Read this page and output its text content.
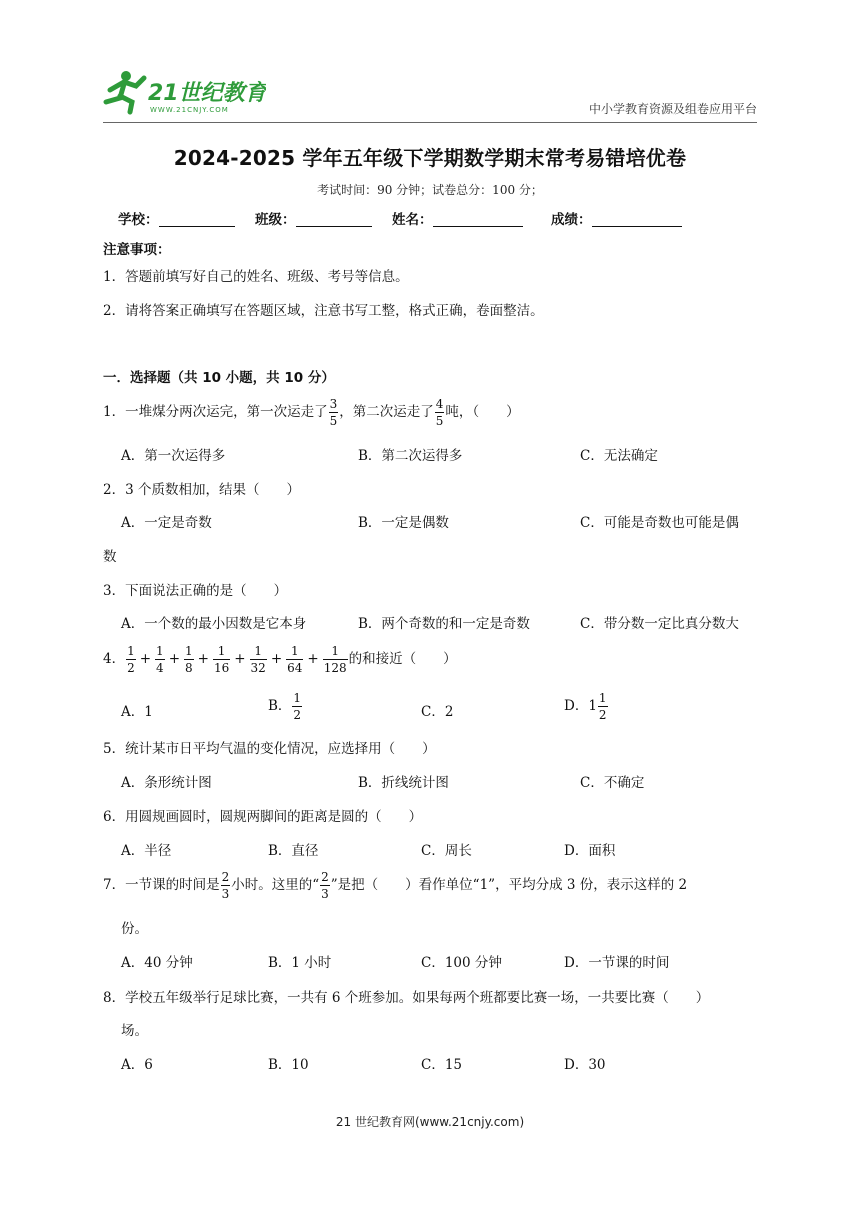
21世纪教育
WWW.21CNJY.COM	中小学教育资源及组卷应用平台
2024-2025 学年五年级下学期数学期末常考易错培优卷
考试时间：90 分钟；试卷总分：100 分；
学校：	班级：	姓名：	成绩：
注意事项：
1．答题前填写好自己的姓名、班级、考号等信息。
2．请将答案正确填写在答题区域，注意书写工整，格式正确，卷面整洁。
一．选择题（共 10 小题，共 10 分）
1．一堆煤分两次运完，第一次运走了 $\frac{3}{5}$ ，第二次运走了 $\frac{4}{5}$ 吨，（　　）
A．第一次运得多	B．第二次运得多	C．无法确定
2．3 个质数相加，结果（　　）
A．一定是奇数	B．一定是偶数	C．可能是奇数也可能是偶
数
3．下面说法正确的是（　　）
A．一个数的最小因数是它本身	B．两个奇数的和一定是奇数	C．带分数一定比真分数大
4． $\frac{1}{2} + \frac{1}{4} + \frac{1}{8} + \frac{1}{16} + \frac{1}{32} + \frac{1}{64} + \frac{1}{128}$ 的和接近（　　）
A．1	B． $\frac{1}{2}$	C．2	D．$1 \frac{1}{2}$
5．统计某市日平均气温的变化情况，应选择用（　　）
A．条形统计图	B．折线统计图	C．不确定
6．用圆规画圆时，圆规两脚间的距离是圆的（　　）
A．半径	B．直径	C．周长	D．面积
7．一节课的时间是 $\frac{2}{3}$ 小时。这里的“ $\frac{2}{3}$ ”是把（　　）看作单位“1”，平均分成 3 份，表示这样的 2
份。
A．40 分钟	B．1 小时	C．100 分钟	D．一节课的时间
8．学校五年级举行足球比赛，一共有 6 个班参加。如果每两个班都要比赛一场，一共要比赛（　　）
场。
A．6	B．10	C．15	D．30
21 世纪教育网(www.21cnjy.com)
